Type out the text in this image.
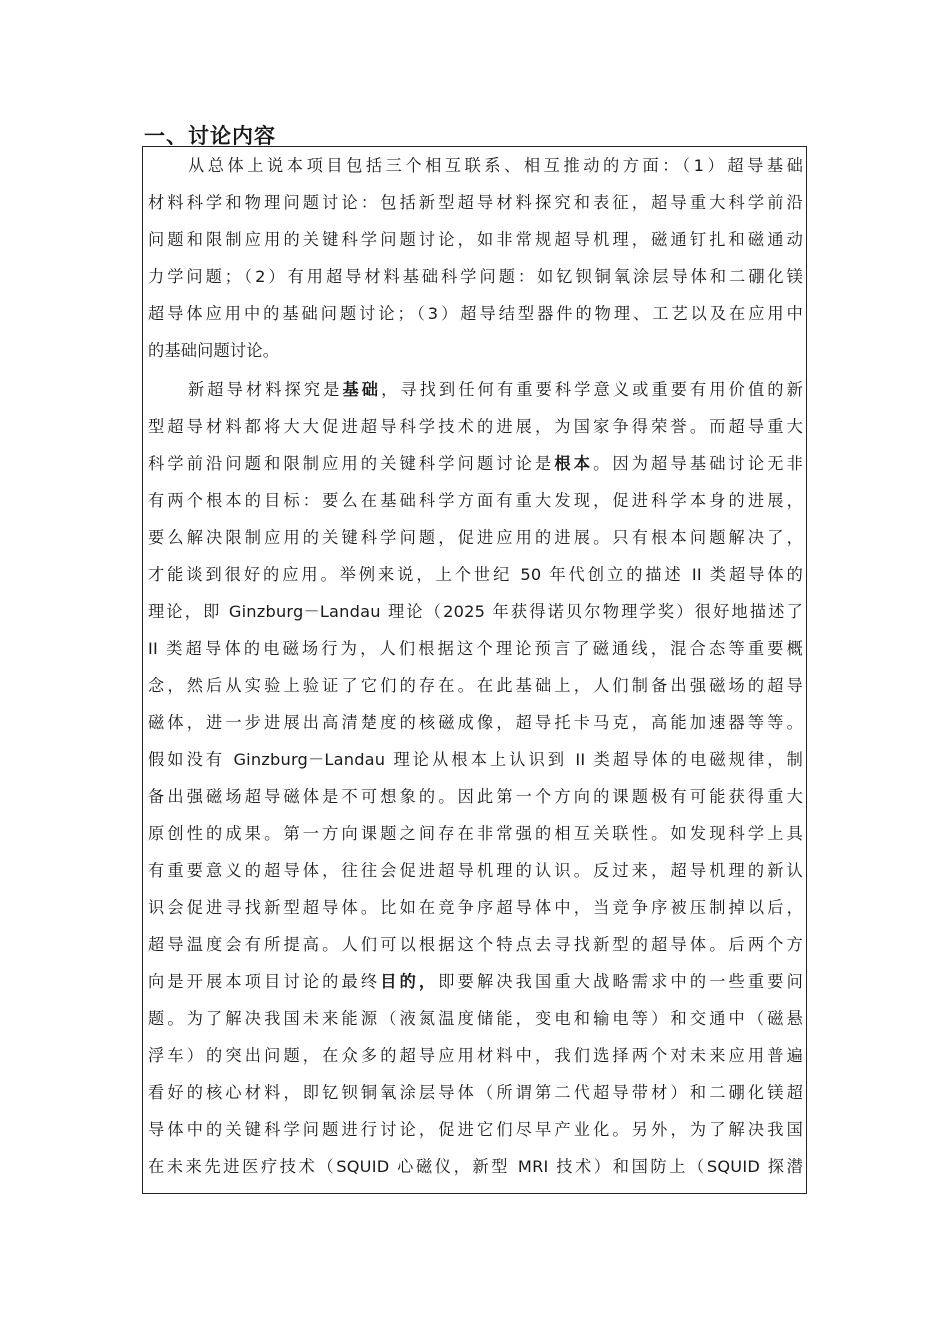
一、讨论内容
从总体上说本项目包括三个相互联系、相互推动的方面：（1）超导基础
材料科学和物理问题讨论：包括新型超导材料探究和表征，超导重大科学前沿
问题和限制应用的关键科学问题讨论，如非常规超导机理，磁通钉扎和磁通动
力学问题；（2）有用超导材料基础科学问题：如钇钡铜氧涂层导体和二硼化镁
超导体应用中的基础问题讨论；（3）超导结型器件的物理、工艺以及在应用中
的基础问题讨论。
新超导材料探究是基础，寻找到任何有重要科学意义或重要有用价值的新
型超导材料都将大大促进超导科学技术的进展，为国家争得荣誉。而超导重大
科学前沿问题和限制应用的关键科学问题讨论是根本。因为超导基础讨论无非
有两个根本的目标：要么在基础科学方面有重大发现，促进科学本身的进展，
要么解决限制应用的关键科学问题，促进应用的进展。只有根本问题解决了，
才能谈到很好的应用。举例来说，上个世纪 50 年代创立的描述 II 类超导体的
理论，即 Ginzburg－Landau 理论（2025 年获得诺贝尔物理学奖）很好地描述了
II 类超导体的电磁场行为，人们根据这个理论预言了磁通线，混合态等重要概
念，然后从实验上验证了它们的存在。在此基础上，人们制备出强磁场的超导
磁体，进一步进展出高清楚度的核磁成像，超导托卡马克，高能加速器等等。
假如没有 Ginzburg－Landau 理论从根本上认识到 II 类超导体的电磁规律，制
备出强磁场超导磁体是不可想象的。因此第一个方向的课题极有可能获得重大
原创性的成果。第一方向课题之间存在非常强的相互关联性。如发现科学上具
有重要意义的超导体，往往会促进超导机理的认识。反过来，超导机理的新认
识会促进寻找新型超导体。比如在竞争序超导体中，当竞争序被压制掉以后，
超导温度会有所提高。人们可以根据这个特点去寻找新型的超导体。后两个方
向是开展本项目讨论的最终目的，即要解决我国重大战略需求中的一些重要问
题。为了解决我国未来能源（液氮温度储能，变电和输电等）和交通中（磁悬
浮车）的突出问题，在众多的超导应用材料中，我们选择两个对未来应用普遍
看好的核心材料，即钇钡铜氧涂层导体（所谓第二代超导带材）和二硼化镁超
导体中的关键科学问题进行讨论，促进它们尽早产业化。另外，为了解决我国
在未来先进医疗技术（SQUID 心磁仪，新型 MRI 技术）和国防上（SQUID 探潜
